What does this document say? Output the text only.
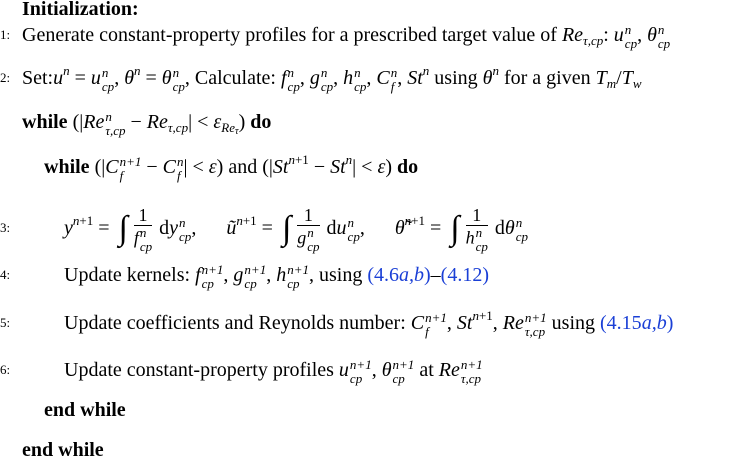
Initialization:
1: Generate constant-property profiles for a prescribed target value of $Re_{\tau,cp}$: u n
cp , θ n
cp
2: $Set:u^n = u$ n
cp , $\theta^n = \theta$ n
cp , Calculate: f n
cp , g n
cp , h n
cp , C n
f , St$^n$ using $\theta^n$ for a given $T_m/T_w$
while (|Re n
$\tau,cp - Re_{\tau,cp}| < \varepsilon_{Re_\tau}$) do
while (|C n+1
f − C n
f | < ε) and $(|St^{n+1} - St^n| < \varepsilon)$ do
3:	$y^{n+1}$ = ∫ 1
f n
cp dy n
cp , $ũ^{n+1}$ = ∫ 1
g n
cp du n
cp , θ̃$^{n+1}$ = ∫ 1
h n
cp dθ n
cp
4:	Update kernels: f n+1
cp , g n+1
cp , h n+1
cp , using (4.6a,b)–(4.12)
5:	Update coefficients and Reynolds number: C n+1
f , $St^{n+1}$, Re n+1
τ,cp using (4.15a,b)
6:	Update constant-property profiles u n+1
cp , θ n+1
cp at Re n+1
τ,cp
end while
end while
